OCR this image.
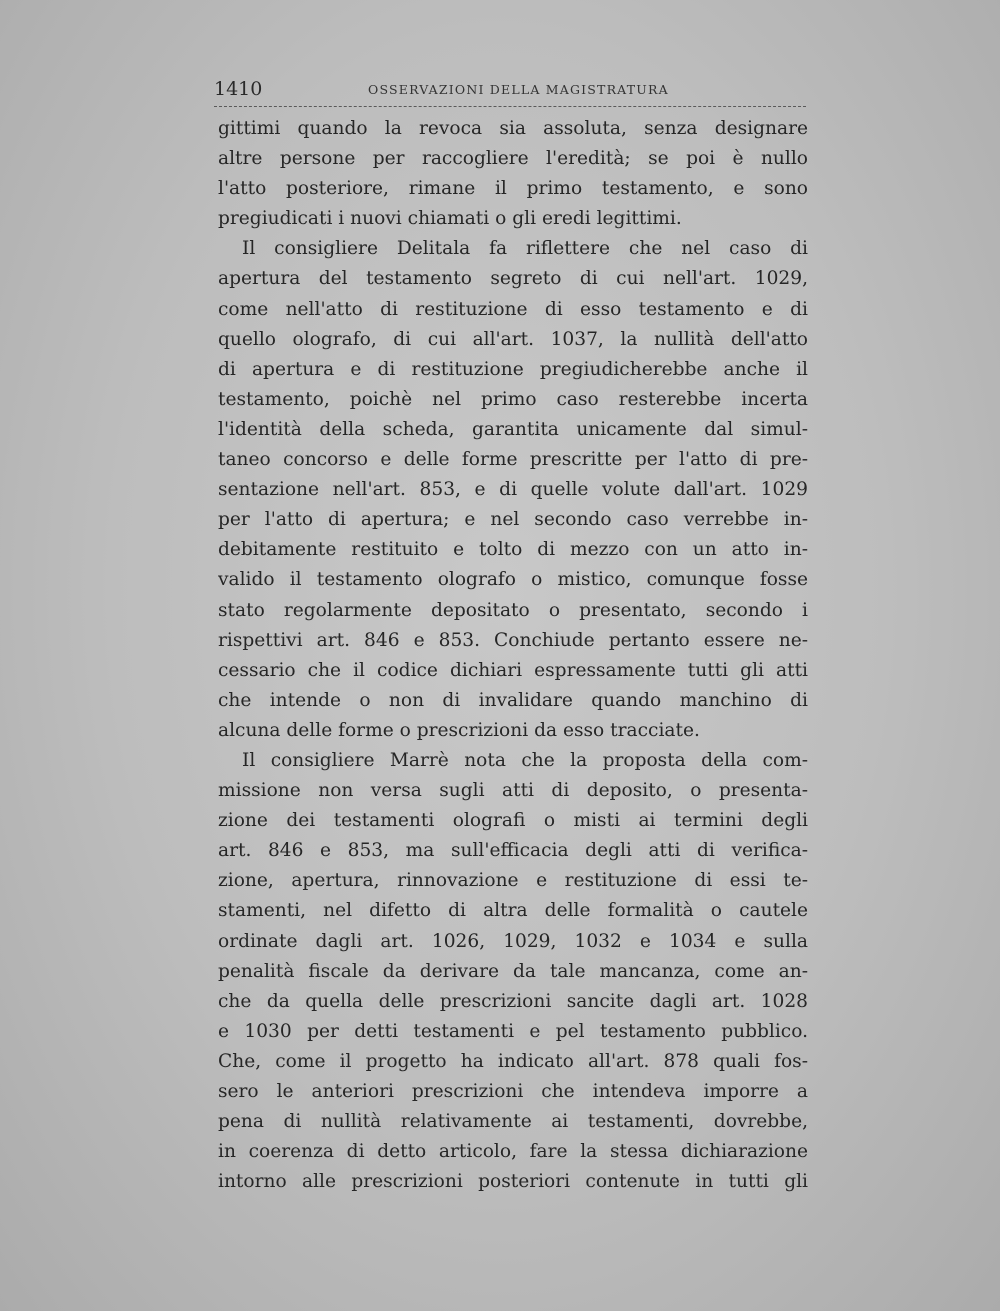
1410	OSSERVAZIONI DELLA MAGISTRATURA
gittimi quando la revoca sia assoluta, senza designare
altre persone per raccogliere l'eredità; se poi è nullo
l'atto posteriore, rimane il primo testamento, e sono
pregiudicati i nuovi chiamati o gli eredi legittimi.
Il consigliere Delitala fa riflettere che nel caso di
apertura del testamento segreto di cui nell'art. 1029,
come nell'atto di restituzione di esso testamento e di
quello olografo, di cui all'art. 1037, la nullità dell'atto
di apertura e di restituzione pregiudicherebbe anche il
testamento, poichè nel primo caso resterebbe incerta
l'identità della scheda, garantita unicamente dal simul-
taneo concorso e delle forme prescritte per l'atto di pre-
sentazione nell'art. 853, e di quelle volute dall'art. 1029
per l'atto di apertura; e nel secondo caso verrebbe in-
debitamente restituito e tolto di mezzo con un atto in-
valido il testamento olografo o mistico, comunque fosse
stato regolarmente depositato o presentato, secondo i
rispettivi art. 846 e 853. Conchiude pertanto essere ne-
cessario che il codice dichiari espressamente tutti gli atti
che intende o non di invalidare quando manchino di
alcuna delle forme o prescrizioni da esso tracciate.
Il consigliere Marrè nota che la proposta della com-
missione non versa sugli atti di deposito, o presenta-
zione dei testamenti olografi o misti ai termini degli
art. 846 e 853, ma sull'efficacia degli atti di verifica-
zione, apertura, rinnovazione e restituzione di essi te-
stamenti, nel difetto di altra delle formalità o cautele
ordinate dagli art. 1026, 1029, 1032 e 1034 e sulla
penalità fiscale da derivare da tale mancanza, come an-
che da quella delle prescrizioni sancite dagli art. 1028
e 1030 per detti testamenti e pel testamento pubblico.
Che, come il progetto ha indicato all'art. 878 quali fos-
sero le anteriori prescrizioni che intendeva imporre a
pena di nullità relativamente ai testamenti, dovrebbe,
in coerenza di detto articolo, fare la stessa dichiarazione
intorno alle prescrizioni posteriori contenute in tutti gli
